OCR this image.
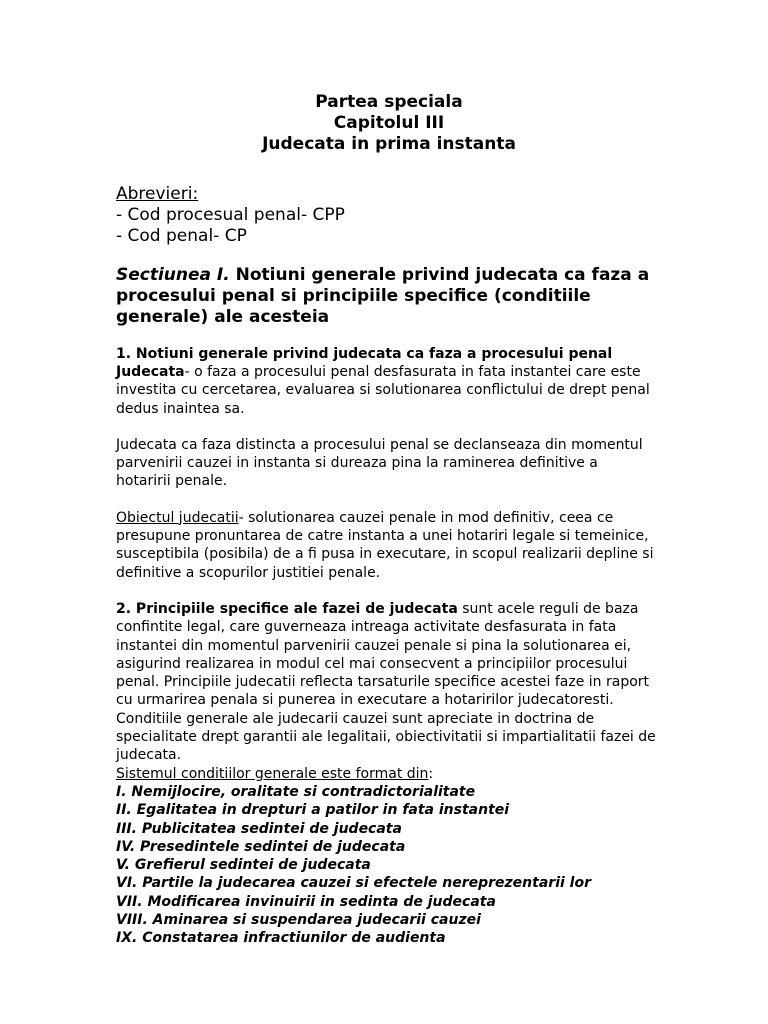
Partea speciala
Capitolul III
Judecata in prima instanta
Abrevieri:
- Cod procesual penal- CPP
- Cod penal- CP
Sectiunea I. Notiuni generale privind judecata ca faza a procesului penal si principiile specifice (conditiile generale) ale acesteia
1. Notiuni generale privind judecata ca faza a procesului penal
Judecata- o faza a procesului penal desfasurata in fata instantei care este investita cu cercetarea, evaluarea si solutionarea conflictului de drept penal dedus inaintea sa.
Judecata ca faza distincta a procesului penal se declanseaza din momentul parvenirii cauzei in instanta si dureaza pina la raminerea definitive a hotaririi penale.
Obiectul judecatii- solutionarea cauzei penale in mod definitiv, ceea ce presupune pronuntarea de catre instanta a unei hotariri legale si temeinice, susceptibila (posibila) de a fi pusa in executare, in scopul realizarii depline si definitive a scopurilor justitiei penale.
2. Principiile specifice ale fazei de judecata sunt acele reguli de baza confintite legal, care guverneaza intreaga activitate desfasurata in fata instantei din momentul parvenirii cauzei penale si pina la solutionarea ei, asigurind realizarea in modul cel mai consecvent a principiilor procesului penal. Principiile judecatii reflecta tarsaturile specifice acestei faze in raport cu urmarirea penala si punerea in executare a hotaririlor judecatoresti. Conditiile generale ale judecarii cauzei sunt apreciate in doctrina de specialitate drept garantii ale legalitaii, obiectivitatii si impartialitatii fazei de judecata.
Sistemul conditiilor generale este format din:
I. Nemijlocire, oralitate si contradictorialitate
II. Egalitatea in drepturi a patilor in fata instantei
III. Publicitatea sedintei de judecata
IV. Presedintele sedintei de judecata
V. Grefierul sedintei de judecata
VI. Partile la judecarea cauzei si efectele nereprezentarii lor
VII. Modificarea invinuirii in sedinta de judecata
VIII. Aminarea si suspendarea judecarii cauzei
IX. Constatarea infractiunilor de audienta
